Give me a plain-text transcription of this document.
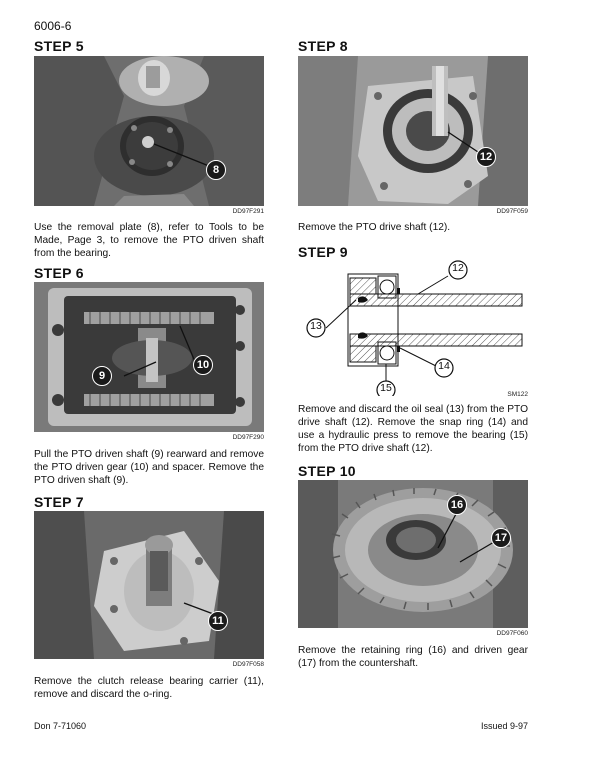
6006-6
STEP 5
8
DD97F291
Use the removal plate (8), refer to Tools to be Made, Page 3, to remove the PTO driven shaft from the bearing.
STEP 6
9
10
DD97F290
Pull the PTO driven shaft (9) rearward and remove the PTO driven gear (10) and spacer. Remove the PTO driven shaft (9).
STEP 7
11
DD97F058
Remove the clutch release bearing carrier (11), remove and discard the o-ring.
STEP 8
12
DD97F059
Remove the PTO drive shaft (12).
STEP 9
12
13
14
15
SM122
Remove and discard the oil seal (13) from the PTO drive shaft (12). Remove the snap ring (14) and use a hydraulic press to remove the bearing (15) from the PTO drive shaft (12).
STEP 10
16
17
DD97F060
Remove the retaining ring (16) and driven gear (17) from the countershaft.
Don 7-71060	Issued 9-97
